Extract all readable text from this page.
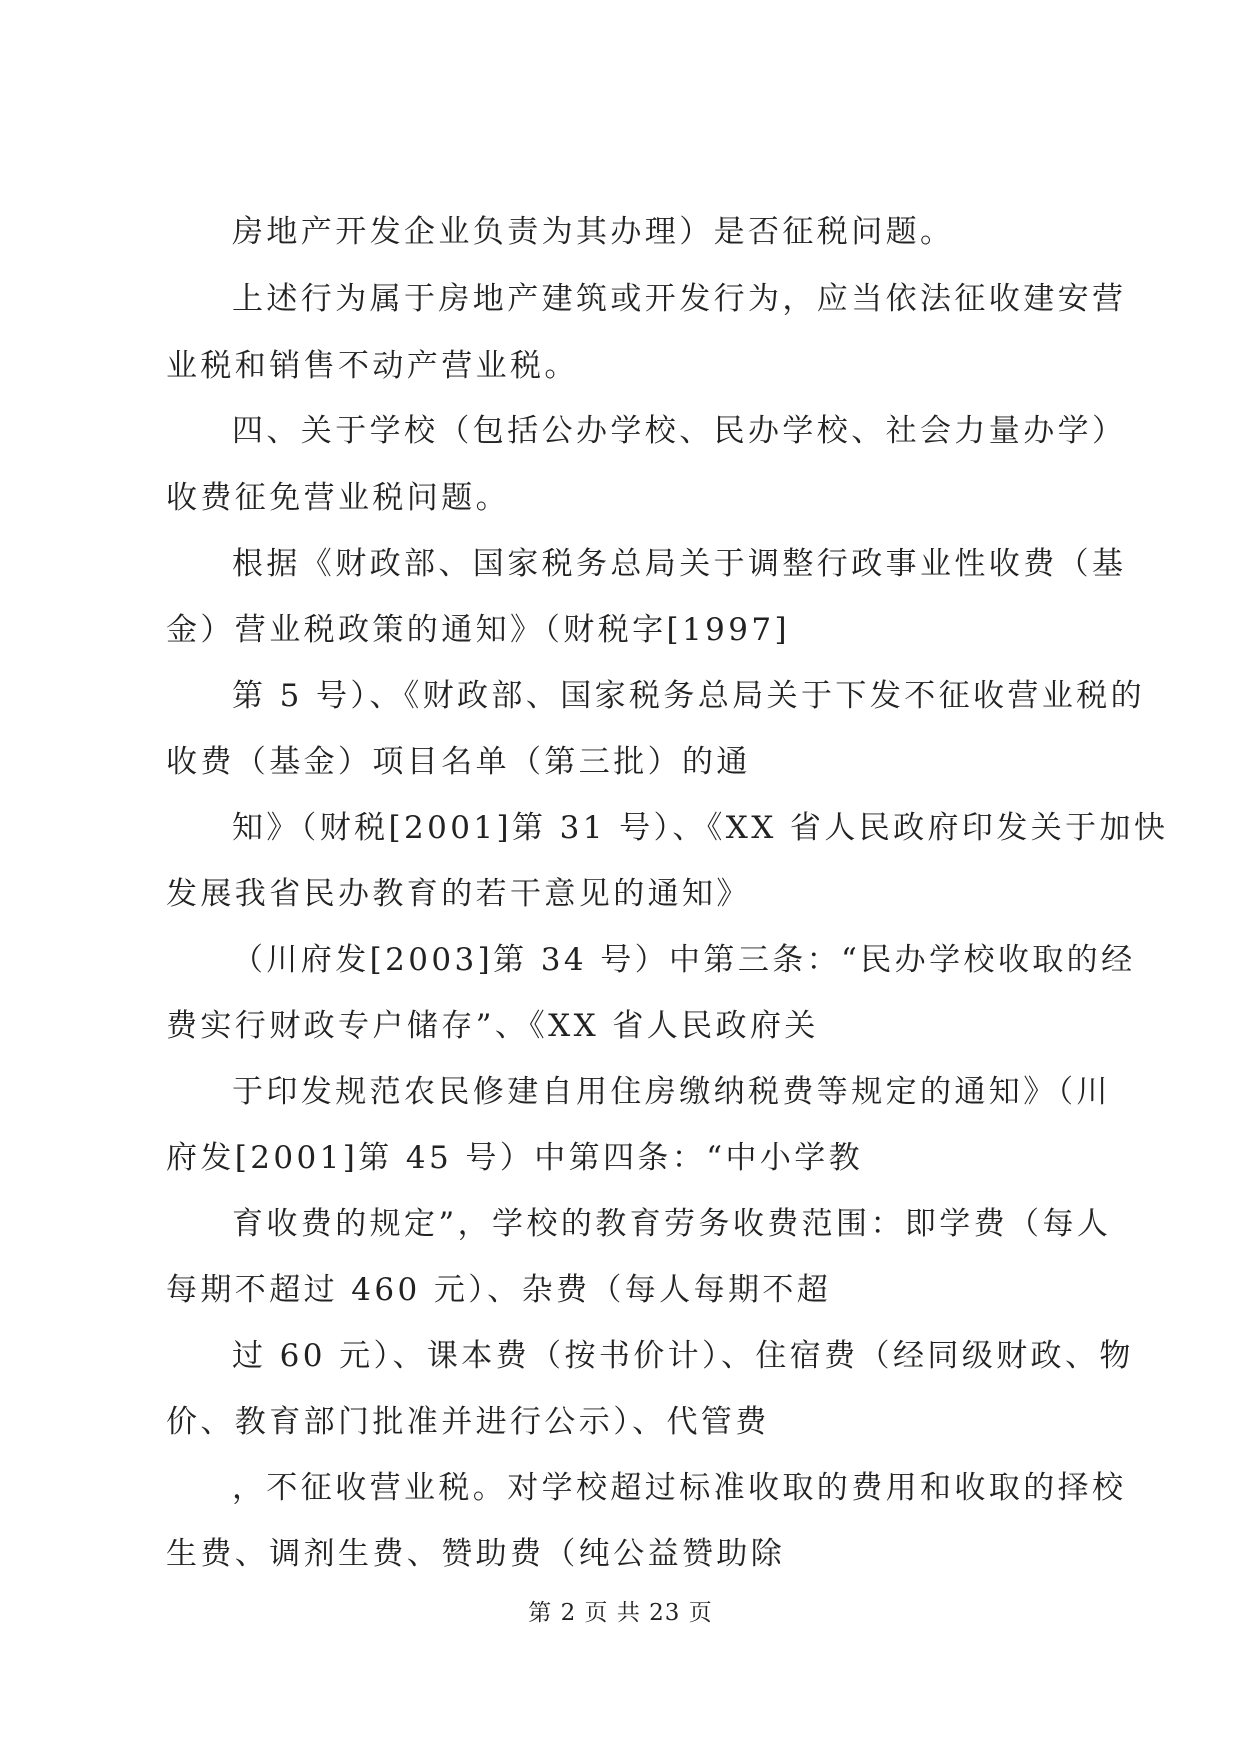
房地产开发企业负责为其办理）是否征税问题。
上述行为属于房地产建筑或开发行为，应当依法征收建安营
业税和销售不动产营业税。
四、关于学校（包括公办学校、民办学校、社会力量办学）
收费征免营业税问题。
根据《财政部、国家税务总局关于调整行政事业性收费（基
金）营业税政策的通知》（财税字[1997]
第 5 号）、《财政部、国家税务总局关于下发不征收营业税的
收费（基金）项目名单（第三批）的通
知》（财税[2001]第 31 号）、《XX 省人民政府印发关于加快
发展我省民办教育的若干意见的通知》
（川府发[2003]第 34 号）中第三条：“民办学校收取的经
费实行财政专户储存”、《XX 省人民政府关
于印发规范农民修建自用住房缴纳税费等规定的通知》（川
府发[2001]第 45 号）中第四条：“中小学教
育收费的规定”，学校的教育劳务收费范围：即学费（每人
每期不超过 460 元）、杂费（每人每期不超
过 60 元）、课本费（按书价计）、住宿费（经同级财政、物
价、教育部门批准并进行公示）、代管费
，不征收营业税。对学校超过标准收取的费用和收取的择校
生费、调剂生费、赞助费（纯公益赞助除
第 2 页 共 23 页
